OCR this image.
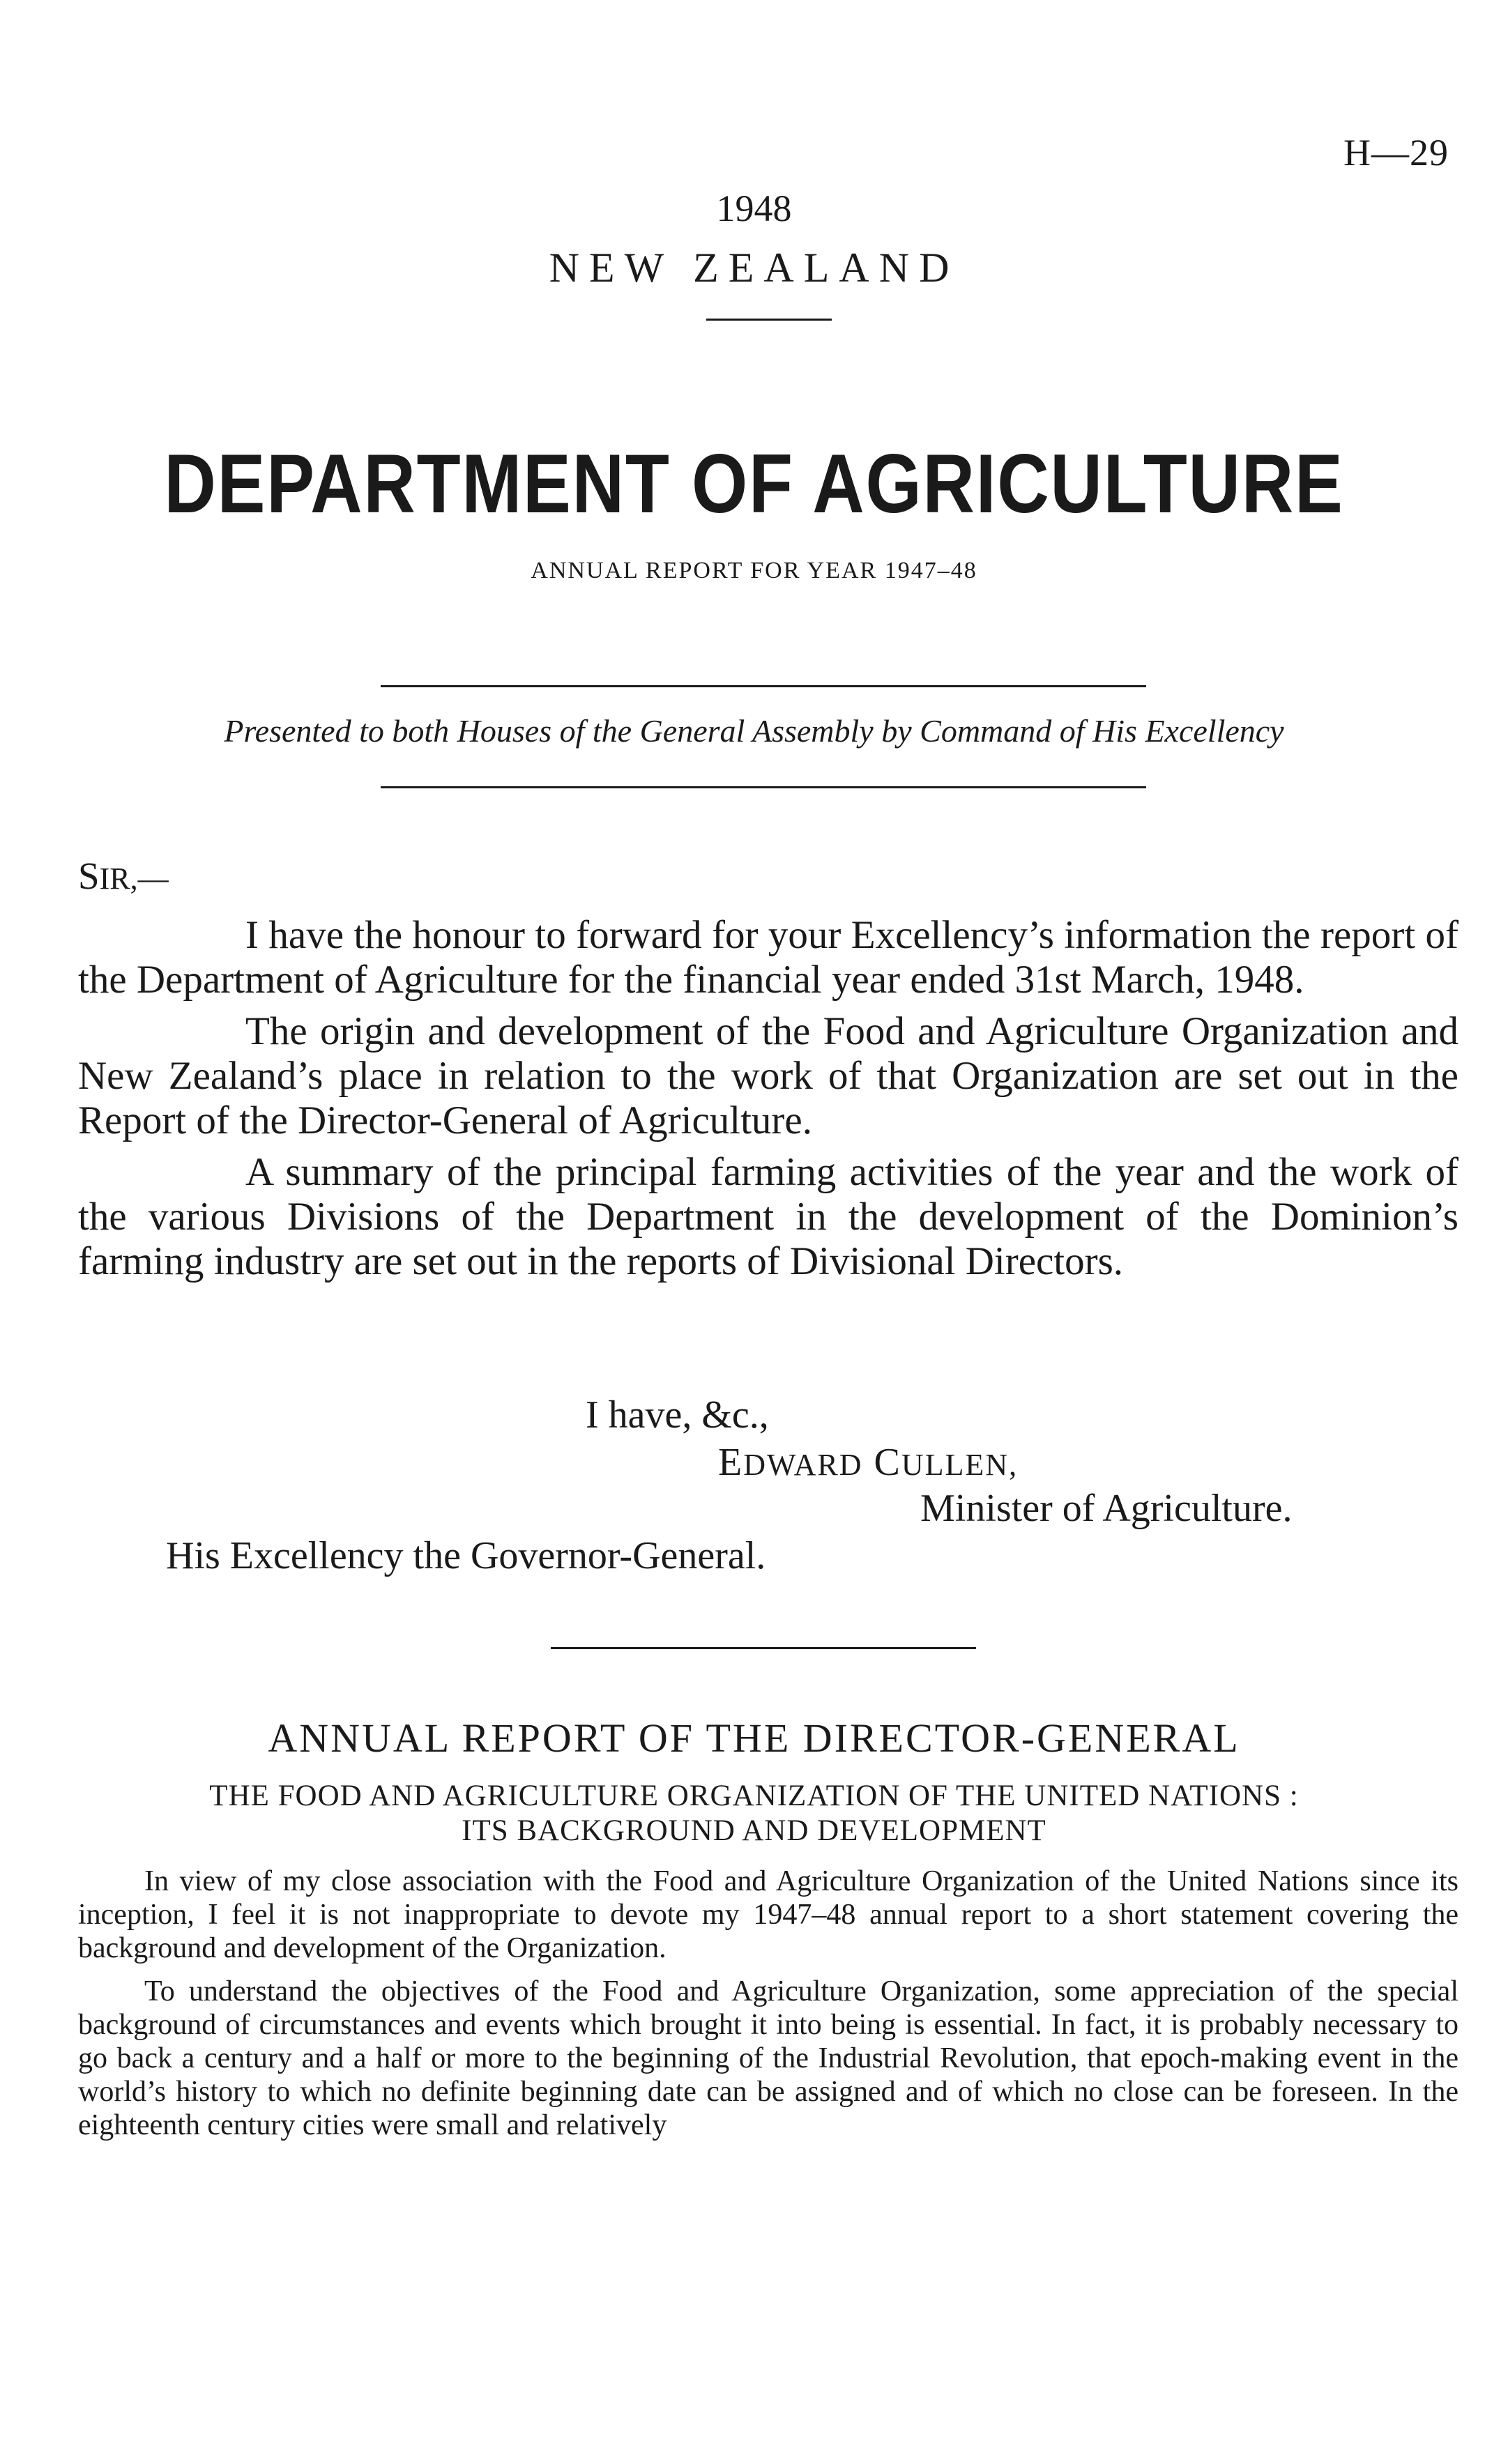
H—29
1948
NEW ZEALAND
DEPARTMENT OF AGRICULTURE
ANNUAL REPORT FOR YEAR 1947–48
Presented to both Houses of the General Assembly by Command of His Excellency
SIR,—

I have the honour to forward for your Excellency’s information the report of the Department of Agriculture for the financial year ended 31st March, 1948.

The origin and development of the Food and Agriculture Organization and New Zealand’s place in relation to the work of that Organization are set out in the Report of the Director-General of Agriculture.

A summary of the principal farming activities of the year and the work of the various Divisions of the Department in the development of the Dominion’s farming industry are set out in the reports of Divisional Directors.

I have, &c.,
EDWARD CULLEN,
Minister of Agriculture.
His Excellency the Governor-General.
ANNUAL REPORT OF THE DIRECTOR-GENERAL
THE FOOD AND AGRICULTURE ORGANIZATION OF THE UNITED NATIONS :
ITS BACKGROUND AND DEVELOPMENT

In view of my close association with the Food and Agriculture Organization of the United Nations since its inception, I feel it is not inappropriate to devote my 1947–48 annual report to a short statement covering the background and development of the Organization.

To understand the objectives of the Food and Agriculture Organization, some appreciation of the special background of circumstances and events which brought it into being is essential. In fact, it is probably necessary to go back a century and a half or more to the beginning of the Industrial Revolution, that epoch-making event in the world’s history to which no definite beginning date can be assigned and of which no close can be foreseen. In the eighteenth century cities were small and relatively
